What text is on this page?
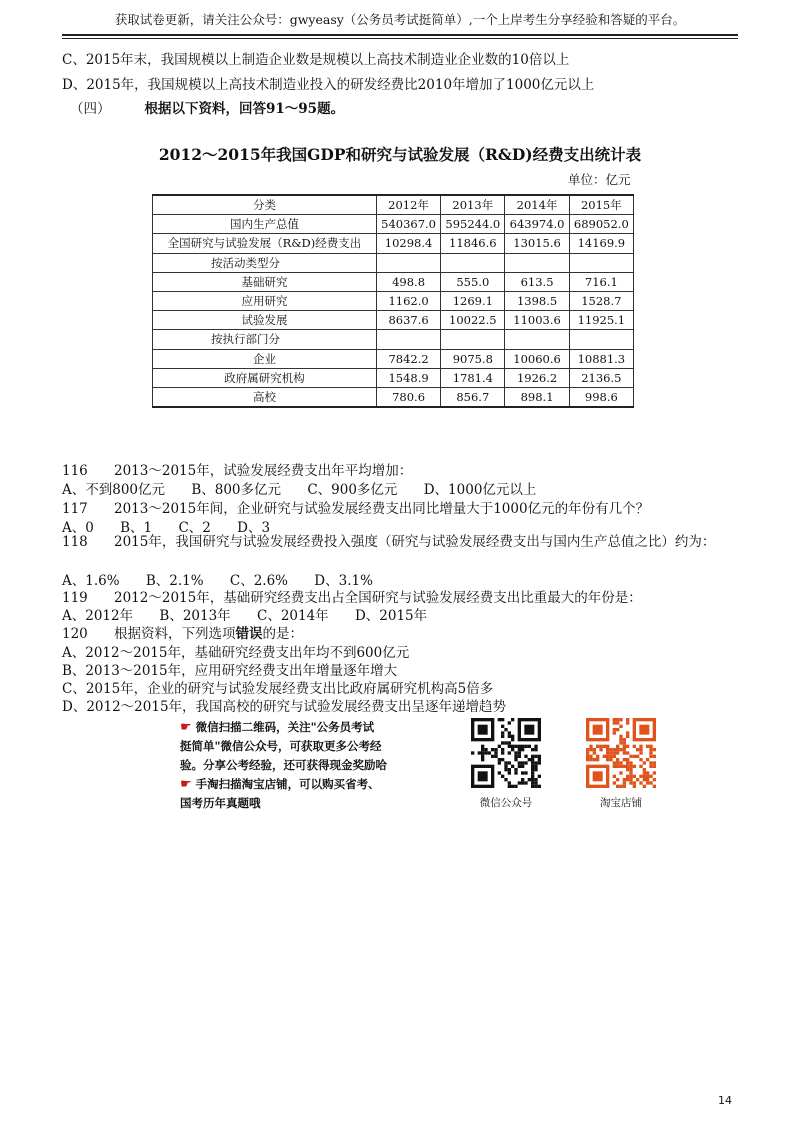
获取试卷更新，请关注公众号：gwyeasy（公务员考试挺简单）,一个上岸考生分享经验和答疑的平台。
C、2015年末，我国规模以上制造企业数是规模以上高技术制造业企业数的10倍以上
D、2015年，我国规模以上高技术制造业投入的研发经费比2010年增加了1000亿元以上
（四）	根据以下资料，回答91～95题。
2012～2015年我国GDP和研究与试验发展（R&D)经费支出统计表
单位：亿元
分类	2012年	2013年	2014年	2015年
国内生产总值	540367.0	595244.0	643974.0	689052.0
全国研究与试验发展（R&D)经费支出	10298.4	11846.6	13015.6	14169.9
按活动类型分				
基础研究	498.8	555.0	613.5	716.1
应用研究	1162.0	1269.1	1398.5	1528.7
试验发展	8637.6	10022.5	11003.6	11925.1
按执行部门分				
企业	7842.2	9075.8	10060.6	10881.3
政府属研究机构	1548.9	1781.4	1926.2	2136.5
高校	780.6	856.7	898.1	998.6
116 2013～2015年，试验发展经费支出年平均增加：
A、不到800亿元 B、800多亿元 C、900多亿元 D、1000亿元以上
117 2013～2015年间，企业研究与试验发展经费支出同比增量大于1000亿元的年份有几个？
A、0 B、1 C、2 D、3
118 2015年，我国研究与试验发展经费投入强度（研究与试验发展经费支出与国内生产总值之比）约为：
A、1.6% B、2.1% C、2.6% D、3.1%
119 2012～2015年，基础研究经费支出占全国研究与试验发展经费支出比重最大的年份是：
A、2012年 B、2013年 C、2014年 D、2015年
120 根据资料，下列选项错误的是：
A、2012～2015年，基础研究经费支出年均不到600亿元
B、2013～2015年，应用研究经费支出年增量逐年增大
C、2015年，企业的研究与试验发展经费支出比政府属研究机构高5倍多
D、2012～2015年，我国高校的研究与试验发展经费支出呈逐年递增趋势
☛ 微信扫描二维码，关注"公务员考试
挺简单"微信公众号，可获取更多公考经
验。分享公考经验，还可获得现金奖励哈
☛ 手淘扫描淘宝店铺，可以购买省考、
国考历年真题哦	微信公众号	淘宝店铺
14
